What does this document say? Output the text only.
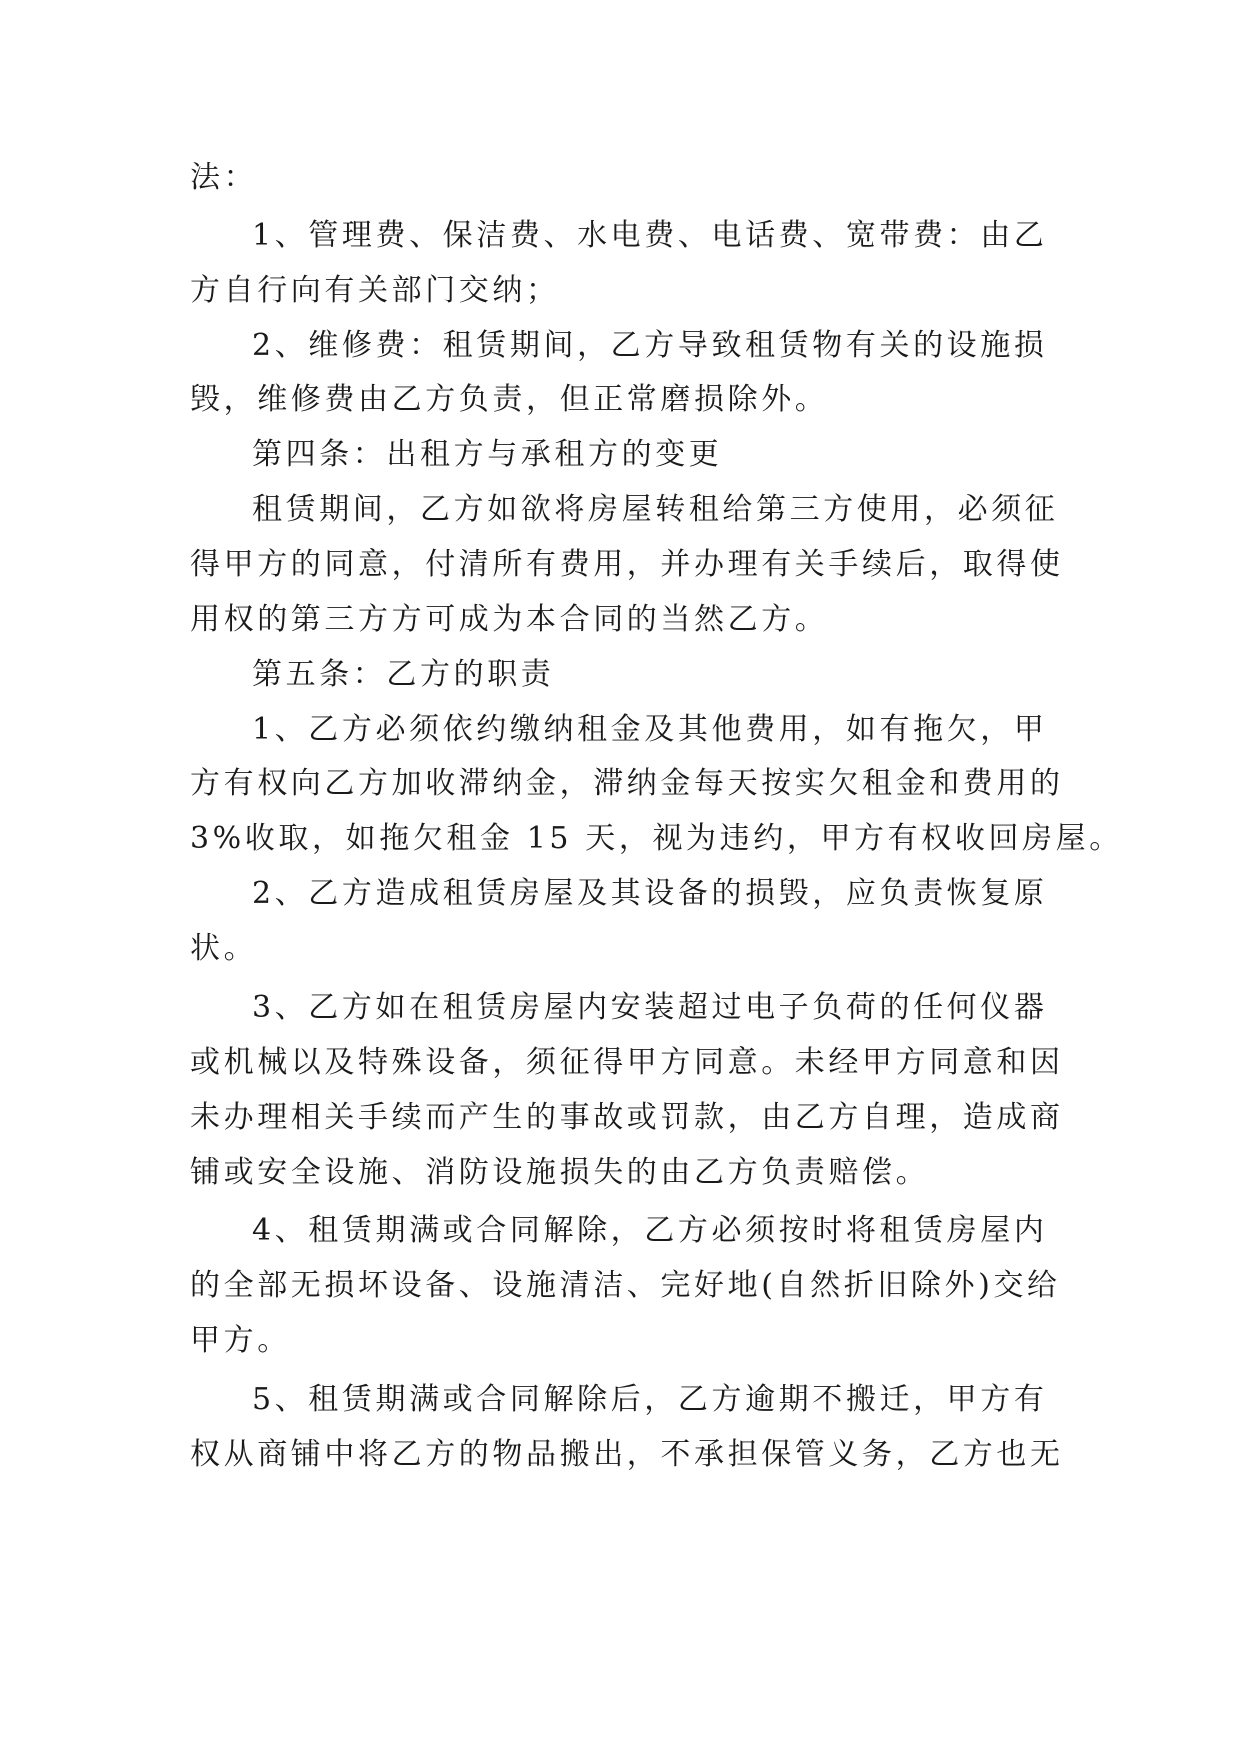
法：
1、管理费、保洁费、水电费、电话费、宽带费：由乙
方自行向有关部门交纳；
2、维修费：租赁期间，乙方导致租赁物有关的设施损
毁，维修费由乙方负责，但正常磨损除外。
第四条：出租方与承租方的变更
租赁期间，乙方如欲将房屋转租给第三方使用，必须征
得甲方的同意，付清所有费用，并办理有关手续后，取得使
用权的第三方方可成为本合同的当然乙方。
第五条：乙方的职责
1、乙方必须依约缴纳租金及其他费用，如有拖欠，甲
方有权向乙方加收滞纳金，滞纳金每天按实欠租金和费用的
3%收取，如拖欠租金 15 天，视为违约，甲方有权收回房屋。
2、乙方造成租赁房屋及其设备的损毁，应负责恢复原
状。
3、乙方如在租赁房屋内安装超过电子负荷的任何仪器
或机械以及特殊设备，须征得甲方同意。未经甲方同意和因
未办理相关手续而产生的事故或罚款，由乙方自理，造成商
铺或安全设施、消防设施损失的由乙方负责赔偿。
4、租赁期满或合同解除，乙方必须按时将租赁房屋内
的全部无损坏设备、设施清洁、完好地(自然折旧除外)交给
甲方。
5、租赁期满或合同解除后，乙方逾期不搬迁，甲方有
权从商铺中将乙方的物品搬出，不承担保管义务，乙方也无
